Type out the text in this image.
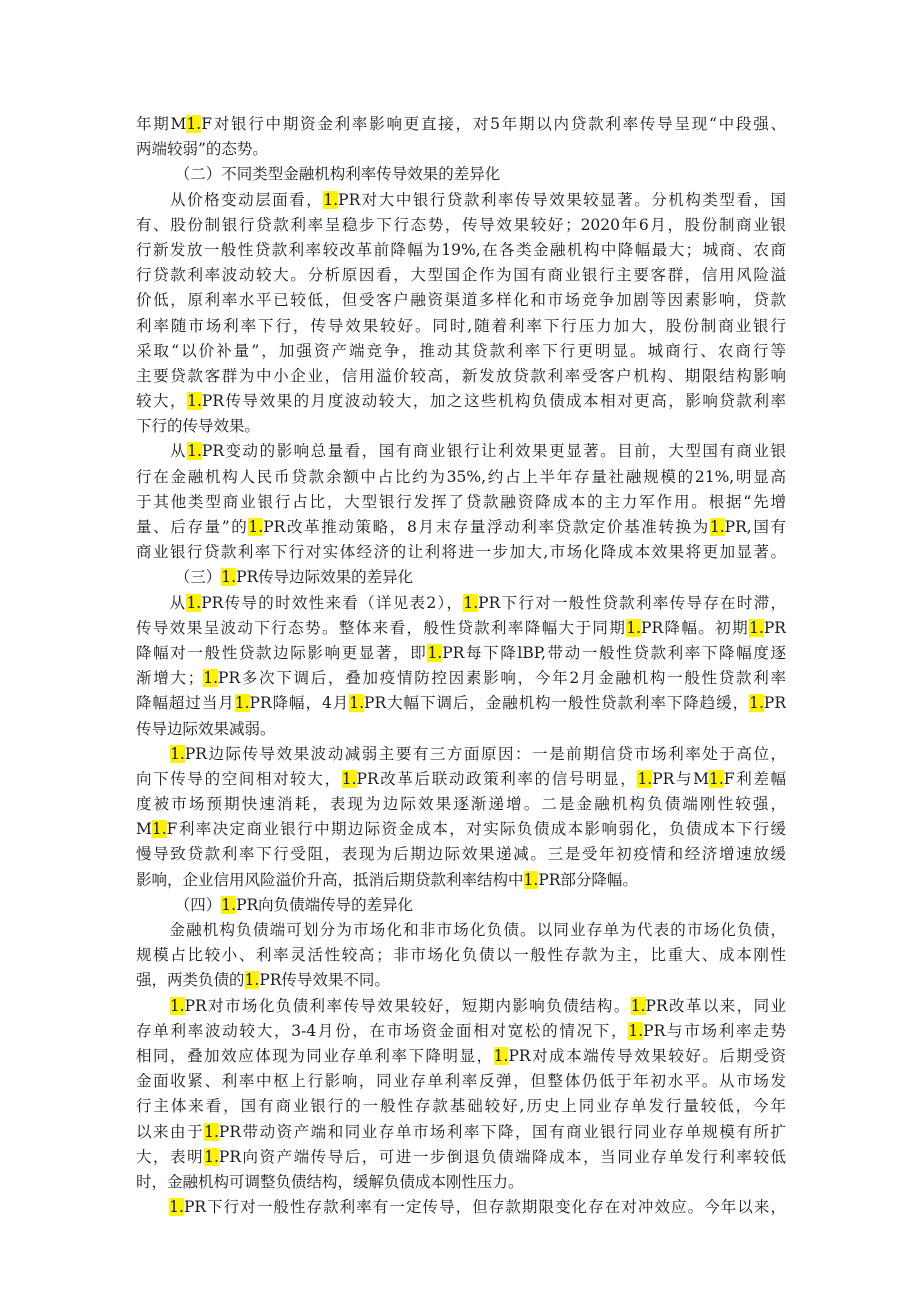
年期M1.F对银行中期资金利率影响更直接，对5年期以内贷款利率传导呈现“中段强、
两端较弱”的态势。
　　　（二）不同类型金融机构利率传导效果的差异化
　　从价格变动层面看，1.PR对大中银行贷款利率传导效果较显著。分机构类型看，国
有、股份制银行贷款利率呈稳步下行态势，传导效果较好；2020年6月，股份制商业银
行新发放一般性贷款利率较改革前降幅为19%,在各类金融机构中降幅最大；城商、农商
行贷款利率波动较大。分析原因看，大型国企作为国有商业银行主要客群，信用风险溢
价低，原利率水平已较低，但受客户融资渠道多样化和市场竞争加剧等因素影响，贷款
利率随市场利率下行，传导效果较好。同时,随着利率下行压力加大，股份制商业银行
采取“以价补量”，加强资产端竞争，推动其贷款利率下行更明显。城商行、农商行等
主要贷款客群为中小企业，信用溢价较高，新发放贷款利率受客户机构、期限结构影响
较大，1.PR传导效果的月度波动较大，加之这些机构负债成本相对更高，影响贷款利率
下行的传导效果。
　　从1.PR变动的影响总量看，国有商业银行让利效果更显著。目前，大型国有商业银
行在金融机构人民币贷款余额中占比约为35%,约占上半年存量社融规模的21%,明显高
于其他类型商业银行占比，大型银行发挥了贷款融资降成本的主力军作用。根据“先增
量、后存量”的1.PR改革推动策略，8月末存量浮动利率贷款定价基准转换为1.PR,国有
商业银行贷款利率下行对实体经济的让利将进一步加大,市场化降成本效果将更加显著。
　　　（三）1.PR传导边际效果的差异化
　　从1.PR传导的时效性来看（详见表2），1.PR下行对一般性贷款利率传导存在时滞，
传导效果呈波动下行态势。整体来看，般性贷款利率降幅大于同期1.PR降幅。初期1.PR
降幅对一般性贷款边际影响更显著，即1.PR每下降lBP,带动一般性贷款利率下降幅度逐
渐增大；1.PR多次下调后，叠加疫情防控因素影响，今年2月金融机构一般性贷款利率
降幅超过当月1.PR降幅，4月1.PR大幅下调后，金融机构一般性贷款利率下降趋缓，1.PR
传导边际效果减弱。
　　1.PR边际传导效果波动减弱主要有三方面原因：一是前期信贷市场利率处于高位，
向下传导的空间相对较大，1.PR改革后联动政策利率的信号明显，1.PR与M1.F利差幅
度被市场预期快速消耗，表现为边际效果逐渐递增。二是金融机构负债端刚性较强，
M1.F利率决定商业银行中期边际资金成本，对实际负债成本影响弱化，负债成本下行缓
慢导致贷款利率下行受阻，表现为后期边际效果递减。三是受年初疫情和经济增速放缓
影响，企业信用风险溢价升高，抵消后期贷款利率结构中1.PR部分降幅。
　　　（四）1.PR向负债端传导的差异化
　　金融机构负债端可划分为市场化和非市场化负债。以同业存单为代表的市场化负债，
规模占比较小、利率灵活性较高；非市场化负债以一般性存款为主，比重大、成本刚性
强，两类负债的1.PR传导效果不同。
　　1.PR对市场化负债利率传导效果较好，短期内影响负债结构。1.PR改革以来，同业
存单利率波动较大，3-4月份，在市场资金面相对宽松的情况下，1.PR与市场利率走势
相同，叠加效应体现为同业存单利率下降明显，1.PR对成本端传导效果较好。后期受资
金面收紧、利率中枢上行影响，同业存单利率反弹，但整体仍低于年初水平。从市场发
行主体来看，国有商业银行的一般性存款基础较好,历史上同业存单发行量较低，今年
以来由于1.PR带动资产端和同业存单市场利率下降，国有商业银行同业存单规模有所扩
大，表明1.PR向资产端传导后，可进一步倒退负债端降成本，当同业存单发行利率较低
时，金融机构可调整负债结构，缓解负债成本刚性压力。
　　1.PR下行对一般性存款利率有一定传导，但存款期限变化存在对冲效应。今年以来，
